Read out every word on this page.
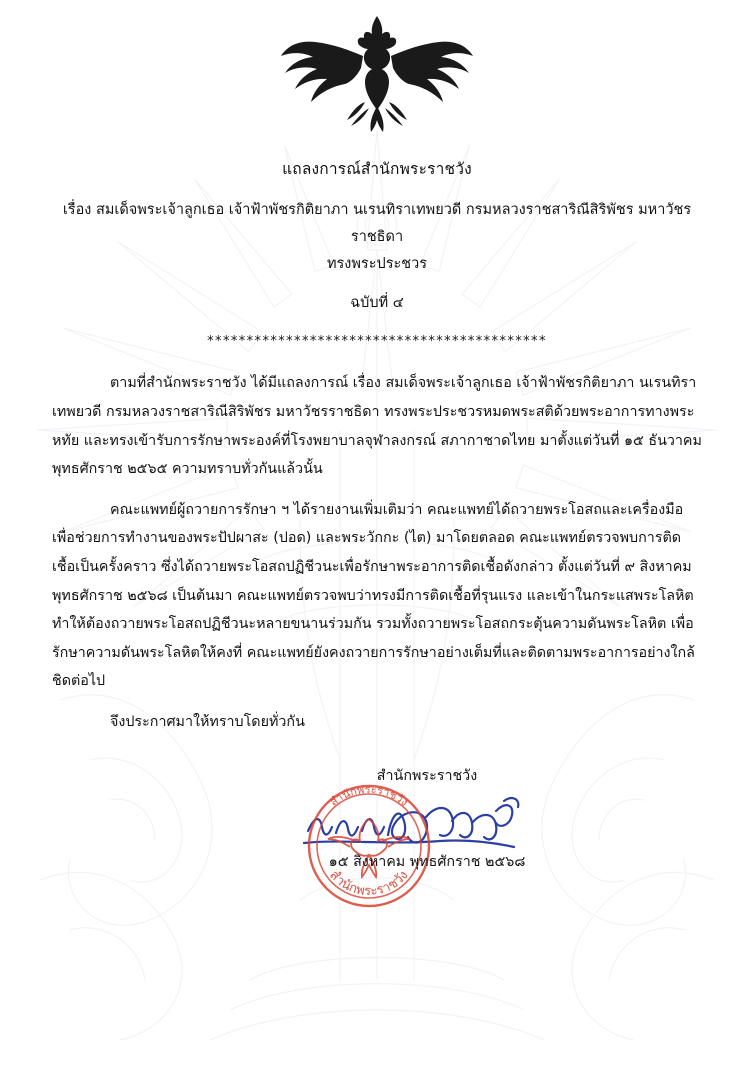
แถลงการณ์สำนักพระราชวัง
เรื่อง สมเด็จพระเจ้าลูกเธอ เจ้าฟ้าพัชรกิติยาภา นเรนทิราเทพยวดี กรมหลวงราชสาริณีสิริพัชร มหาวัชรราชธิดา
ทรงพระประชวร
ฉบับที่ ๔
*******************************************

ตามที่สำนักพระราชวัง ได้มีแถลงการณ์ เรื่อง สมเด็จพระเจ้าลูกเธอ เจ้าฟ้าพัชรกิติยาภา นเรนทิราเทพยวดี กรมหลวงราชสาริณีสิริพัชร มหาวัชรราชธิดา ทรงพระประชวรหมดพระสติด้วยพระอาการทางพระหทัย และทรงเข้ารับการรักษาพระองค์ที่โรงพยาบาลจุฬาลงกรณ์ สภากาชาดไทย มาตั้งแต่วันที่ ๑๕ ธันวาคม พุทธศักราช ๒๕๖๕ ความทราบทั่วกันแล้วนั้น

คณะแพทย์ผู้ถวายการรักษา ฯ ได้รายงานเพิ่มเติมว่า คณะแพทย์ได้ถวายพระโอสถและเครื่องมือเพื่อช่วยการทำงานของพระปัปผาสะ (ปอด) และพระวักกะ (ไต) มาโดยตลอด คณะแพทย์ตรวจพบการติดเชื้อเป็นครั้งคราว ซึ่งได้ถวายพระโอสถปฏิชีวนะเพื่อรักษาพระอาการติดเชื้อดังกล่าว ตั้งแต่วันที่ ๙ สิงหาคม พุทธศักราช ๒๕๖๘ เป็นต้นมา คณะแพทย์ตรวจพบว่าทรงมีการติดเชื้อที่รุนแรง และเข้าในกระแสพระโลหิต ทำให้ต้องถวายพระโอสถปฏิชีวนะหลายขนานร่วมกัน รวมทั้งถวายพระโอสถกระตุ้นความดันพระโลหิต เพื่อรักษาความดันพระโลหิตให้คงที่ คณะแพทย์ยังคงถวายการรักษาอย่างเต็มที่และติดตามพระอาการอย่างใกล้ชิดต่อไป

จึงประกาศมาให้ทราบโดยทั่วกัน

สำนักพระราชวัง
สำนักพระราชวัง
สำนักพระราชวัง
๑๕ สิงหาคม พุทธศักราช ๒๕๖๘
